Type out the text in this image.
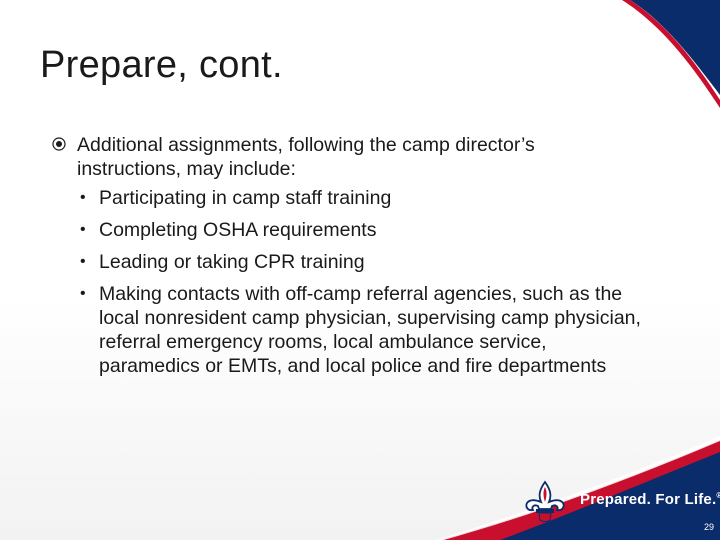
Prepare, cont.
Additional assignments, following the camp director’s instructions, may include:
• Participating in camp staff training
• Completing OSHA requirements
• Leading or taking CPR training
• Making contacts with off-camp referral agencies, such as the local nonresident camp physician, supervising camp physician, referral emergency rooms, local ambulance service, paramedics or EMTs, and local police and fire departments
Prepared. For Life.®
29
